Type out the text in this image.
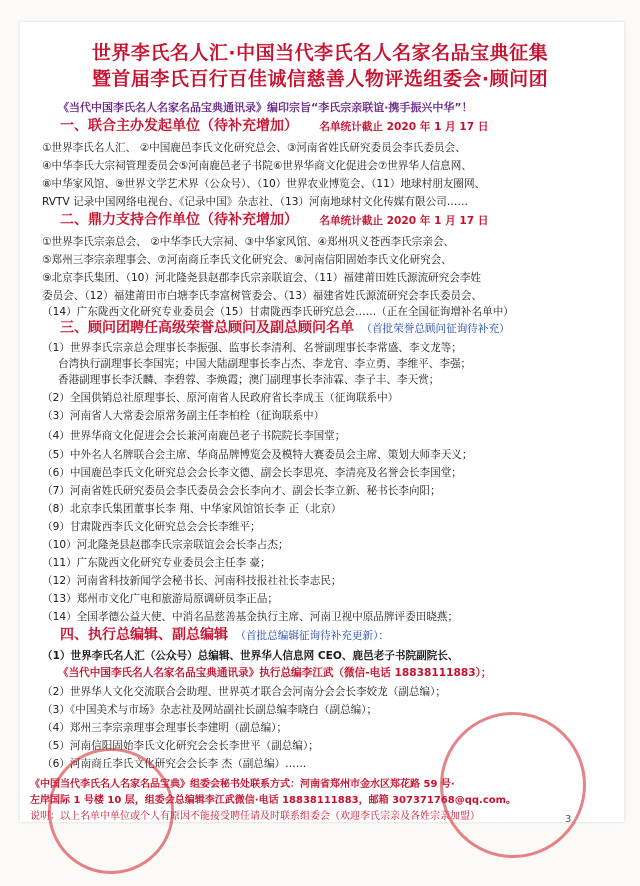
世界李氏名人汇·中国当代李氏名人名家名品宝典征集
暨首届李氏百行百佳诚信慈善人物评选组委会·顾问团
《当代中国李氏名人名家名品宝典通讯录》编印宗旨“李氏宗亲联谊·携手振兴中华”！
一、联合主办发起单位（待补充增加） 名单统计截止 2020 年 1 月 17 日
①世界李氏名人汇、 ②中国鹿邑李氏文化研究总会、③河南省姓氏研究委员会李氏委员会、
④中华李氏大宗祠管理委员会⑤河南鹿邑老子书院⑥世界华商文化促进会⑦世界华人信息网、
⑧中华家风馆、⑨世界文学艺术界（公众号）、（10）世界农业博览会、（11）地球村朋友圈网、
RVTV 记录中国网络电视台、《记录中国》杂志社、（13）河南地球村文化传媒有限公司……
二、鼎力支持合作单位（待补充增加） 名单统计截止 2020 年 1 月 17 日
①世界李氏宗亲总会、 ②中华李氏大宗祠、③中华家风馆、④郑州巩义苍西李氏宗亲会、
⑤郑州三李宗亲理事会、⑦河南商丘李氏文化研究会、⑧河南信阳固始李氏文化研究会、
⑨北京李氏集团、（10）河北隆尧县赵郡李氏宗亲联谊会、（11）福建莆田姓氏源流研究会李姓
委员会、（12）福建莆田市白塘李氏李富树管委会、（13）福建省姓氏源流研究会李氏委员会、
（14）广东陇西文化研究专业委员会（15）甘肃陇西李氏研究总会……（正在全国征询增补名单中）
三、顾问团聘任高级荣誉总顾问及副总顾问名单 （首批荣誉总顾问征询待补充）
（1）世界李氏宗亲总会理事长李振强、监事长李清利、名誉副理事长李常盛、李文龙等；
台湾执行副理事长李国宪；中国大陆副理事长李占杰、李龙官、李立勇、李维平、李强；
香港副理事长李沃麟、李碧蓉、李焕霞；澳门副理事长李沛霖、李子丰、李天赏；
（2）全国供销总社原理事长、原河南省人民政府省长李成玉（征询联系中）
（3）河南省人大常委会原常务副主任李柏栓（征询联系中）
（4）世界华商文化促进会会长兼河南鹿邑老子书院院长李国堂；
（5）中外名人名牌联合会主席、华商品牌博览会及模特大赛委员会主席、策划大师李天义；
（6）中国鹿邑李氏文化研究总会会长李文德、副会长李思亮、李清亮及名誉会长李国堂；
（7）河南省姓氏研究委员会李氏委员会会长李向才、副会长李立新、秘书长李向阳；
（8）北京李氏集团董事长李 翔、中华家风馆馆长李 正（北京）
（9）甘肃陇西李氏文化研究总会会长李维平；
（10）河北隆尧县赵郡李氏宗亲联谊会会长李占杰；
（11）广东陇西文化研究专业委员会主任李 豪；
（12）河南省科技新闻学会秘书长、河南科技报社社长李志民；
（13）郑州市文化广电和旅游局原调研员李正品；
（14）全国孝德公益大使、中消名品慈善基金执行主席、河南卫视中原品牌评委田晓燕；
四、执行总编辑、副总编辑 （首批总编辑征询待补充更新）：
（1）世界李氏名人汇（公众号）总编辑、世界华人信息网 CEO、鹿邑老子书院副院长、
《当代中国李氏名人名家名品宝典通讯录》执行总编李江武（微信-电话 18838111883）；
（2）世界华人文化交流联合会助理、世界英才联合会河南分会会长李姣龙（副总编）；
（3）《中国美术与市场》杂志社及网站副社长副总编李晓白（副总编）；
（4）郑州三李宗亲理事会理事长李建明（副总编）；
（5）河南信阳固始李氏文化研究会会长李世平（副总编）；
（6）河南商丘李氏文化研究会会长李 杰（副总编）……
《中国当代李氏名人名家名品宝典》组委会秘书处联系方式：河南省郑州市金水区郑花路 59 号·
左岸国际 1 号楼 10 层，组委会总编辑李江武微信·电话 18838111883，邮箱 307371768@qq.com。
说明：以上名单中单位或个人有原因不能接受聘任请及时联系组委会（欢迎李氏宗亲及各姓宗亲加盟）	3
